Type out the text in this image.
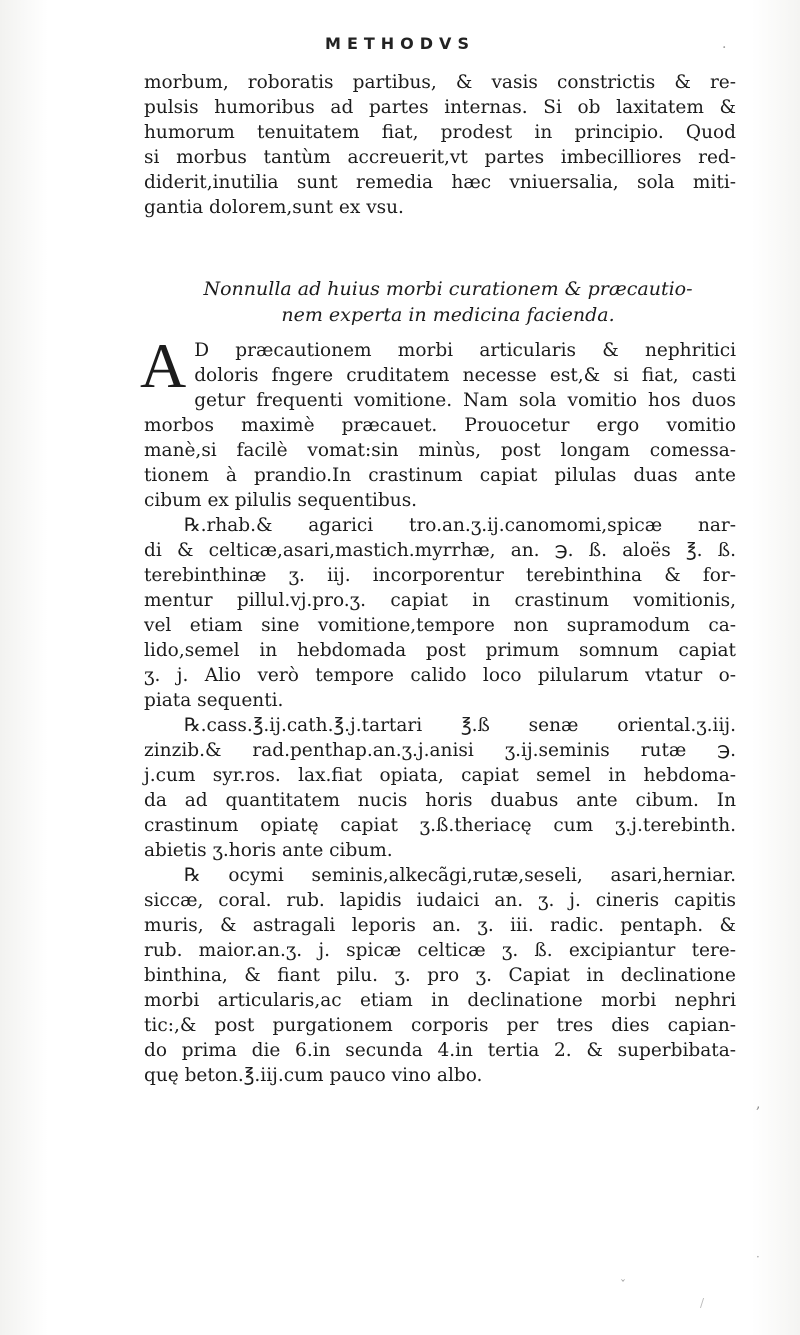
METHODVS	·
morbum, roboratis partibus, & vasis constrictis & re-
pulsis humoribus ad partes internas. Si ob laxitatem &
humorum tenuitatem fiat, prodest in principio. Quod
si morbus tantùm accreuerit,vt partes imbecilliores red-
diderit,inutilia sunt remedia hæc vniuersalia, sola miti-
gantia dolorem,sunt ex vsu.
Nonnulla ad huius morbi curationem & præcautio-
nem experta in medicina facienda.
A D præcautionem morbi articularis & nephritici
doloris fngere cruditatem necesse est,& si fiat, casti
getur frequenti vomitione. Nam sola vomitio hos duos
morbos maximè præcauet. Prouocetur ergo vomitio
manè,si facilè vomat:sin minùs, post longam comessa-
tionem à prandio.In crastinum capiat pilulas duas ante
cibum ex pilulis sequentibus.
℞.rhab.& agarici tro.an.ʒ.ij.canomomi,spicæ nar-
di & celticæ,asari,mastich.myrrhæ, an. ℈. ß. aloës ℥. ß.
terebinthinæ ʒ. iij. incorporentur terebinthina & for-
mentur pillul.vj.pro.ʒ. capiat in crastinum vomitionis,
vel etiam sine vomitione,tempore non supramodum ca-
lido,semel in hebdomada post primum somnum capiat
ʒ. j. Alio verò tempore calido loco pilularum vtatur o-
piata sequenti.
℞.cass.℥.ij.cath.℥.j.tartari ℥.ß senæ oriental.ʒ.iij.
zinzib.& rad.penthap.an.ʒ.j.anisi ʒ.ij.seminis rutæ ℈.
j.cum syr.ros. lax.fiat opiata, capiat semel in hebdoma-
da ad quantitatem nucis horis duabus ante cibum. In
crastinum opiatę capiat ʒ.ß.theriacę cum ʒ.j.terebinth.
abietis ʒ.horis ante cibum.
℞ ocymi seminis,alkecãgi,rutæ,seseli, asari,herniar.
siccæ, coral. rub. lapidis iudaici an. ʒ. j. cineris capitis
muris, & astragali leporis an. ʒ. iii. radic. pentaph. &
rub. maior.an.ʒ. j. spicæ celticæ ʒ. ß. excipiantur tere-
binthina, & fiant pilu. ʒ. pro ʒ. Capiat in declinatione
morbi articularis,ac etiam in declinatione morbi nephri
tic:,& post purgationem corporis per tres dies capian-
do prima die 6.in secunda 4.in tertia 2. & superbibata-
quę beton.℥.iij.cum pauco vino albo.
,
ˇ
·
/
